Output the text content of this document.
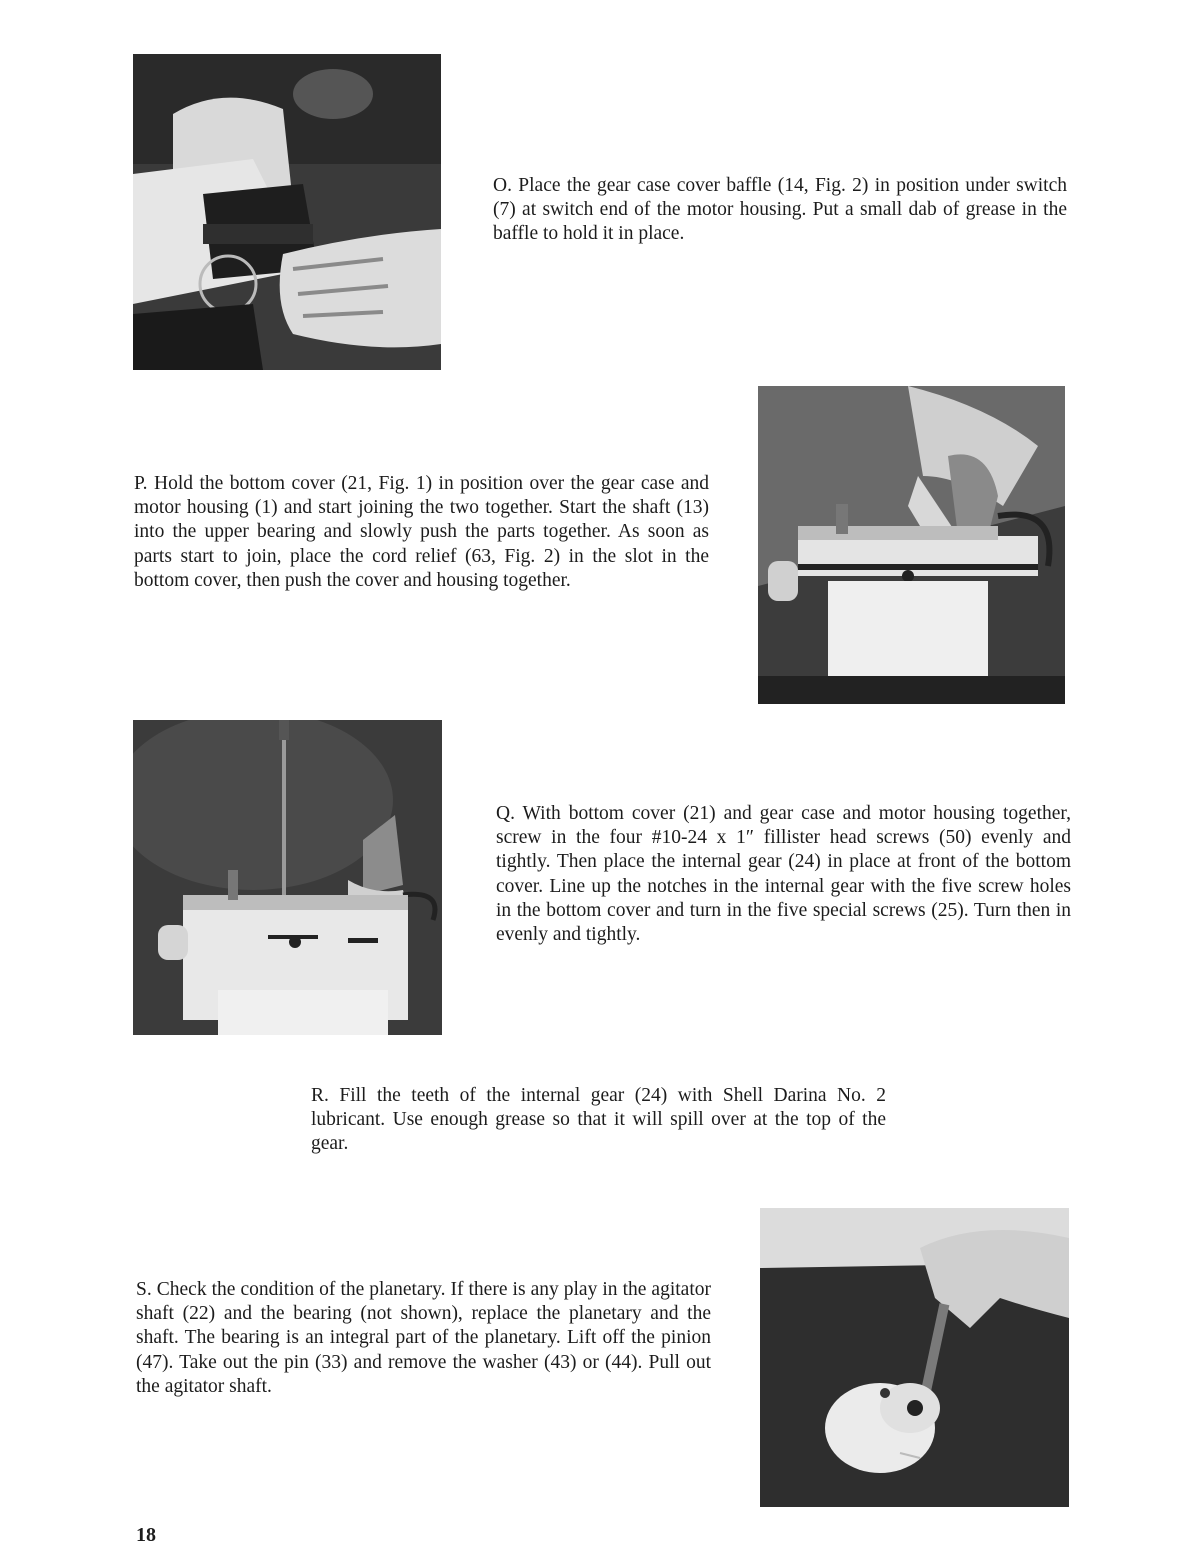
O. Place the gear case cover baffle (14, Fig. 2) in position under switch (7) at switch end of the motor housing. Put a small dab of grease in the baffle to hold it in place.

P. Hold the bottom cover (21, Fig. 1) in position over the gear case and motor housing (1) and start joining the two together. Start the shaft (13) into the upper bearing and slowly push the parts together. As soon as parts start to join, place the cord relief (63, Fig. 2) in the slot in the bottom cover, then push the cover and housing together.

Q. With bottom cover (21) and gear case and motor housing together, screw in the four #10-24 x 1″ fillister head screws (50) evenly and tightly. Then place the internal gear (24) in place at front of the bottom cover. Line up the notches in the internal gear with the five screw holes in the bottom cover and turn in the five special screws (25). Turn then in evenly and tightly.

R. Fill the teeth of the internal gear (24) with Shell Darina No. 2 lubricant. Use enough grease so that it will spill over at the top of the gear.

S. Check the condition of the planetary. If there is any play in the agitator shaft (22) and the bearing (not shown), replace the planetary and the shaft. The bearing is an integral part of the planetary. Lift off the pinion (47). Take out the pin (33) and remove the washer (43) or (44). Pull out the agitator shaft.

18
